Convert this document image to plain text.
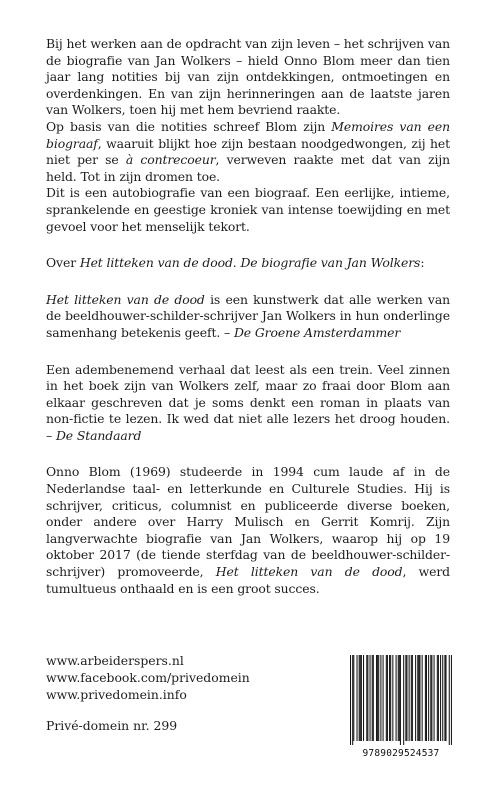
Bij het werken aan de opdracht van zijn leven – het schrijven van de biografie van Jan Wolkers – hield Onno Blom meer dan tien jaar lang notities bij van zijn ontdekkingen, ontmoetingen en overdenkingen. En van zijn herinneringen aan de laatste jaren van Wolkers, toen hij met hem bevriend raakte.

Op basis van die notities schreef Blom zijn Memoires van een biograaf, waaruit blijkt hoe zijn bestaan noodgedwongen, zij het niet per se à contrecoeur, verweven raakte met dat van zijn held. Tot in zijn dromen toe.

Dit is een autobiografie van een biograaf. Een eerlijke, intieme, sprankelende en geestige kroniek van intense toewijding en met gevoel voor het menselijk tekort.

Over Het litteken van de dood. De biografie van Jan Wolkers:

Het litteken van de dood is een kunstwerk dat alle werken van de beeldhouwer-schilder-schrijver Jan Wolkers in hun onderlinge samenhang betekenis geeft. – De Groene Amsterdammer

Een adembenemend verhaal dat leest als een trein. Veel zinnen in het boek zijn van Wolkers zelf, maar zo fraai door Blom aan elkaar geschreven dat je soms denkt een roman in plaats van non-fictie te lezen. Ik wed dat niet alle lezers het droog houden. – De Standaard

Onno Blom (1969) studeerde in 1994 cum laude af in de Nederlandse taal- en letterkunde en Culturele Studies. Hij is schrijver, criticus, columnist en publiceerde diverse boeken, onder andere over Harry Mulisch en Gerrit Komrij. Zijn langverwachte biografie van Jan Wolkers, waarop hij op 19 oktober 2017 (de tiende sterfdag van de beeldhouwer-schilder-schrijver) promoveerde, Het litteken van de dood, werd tumultueus onthaald en is een groot succes.

www.arbeiderspers.nl
www.facebook.com/privedomein
www.privedomein.info
Privé-domein nr. 299
9789029524537
